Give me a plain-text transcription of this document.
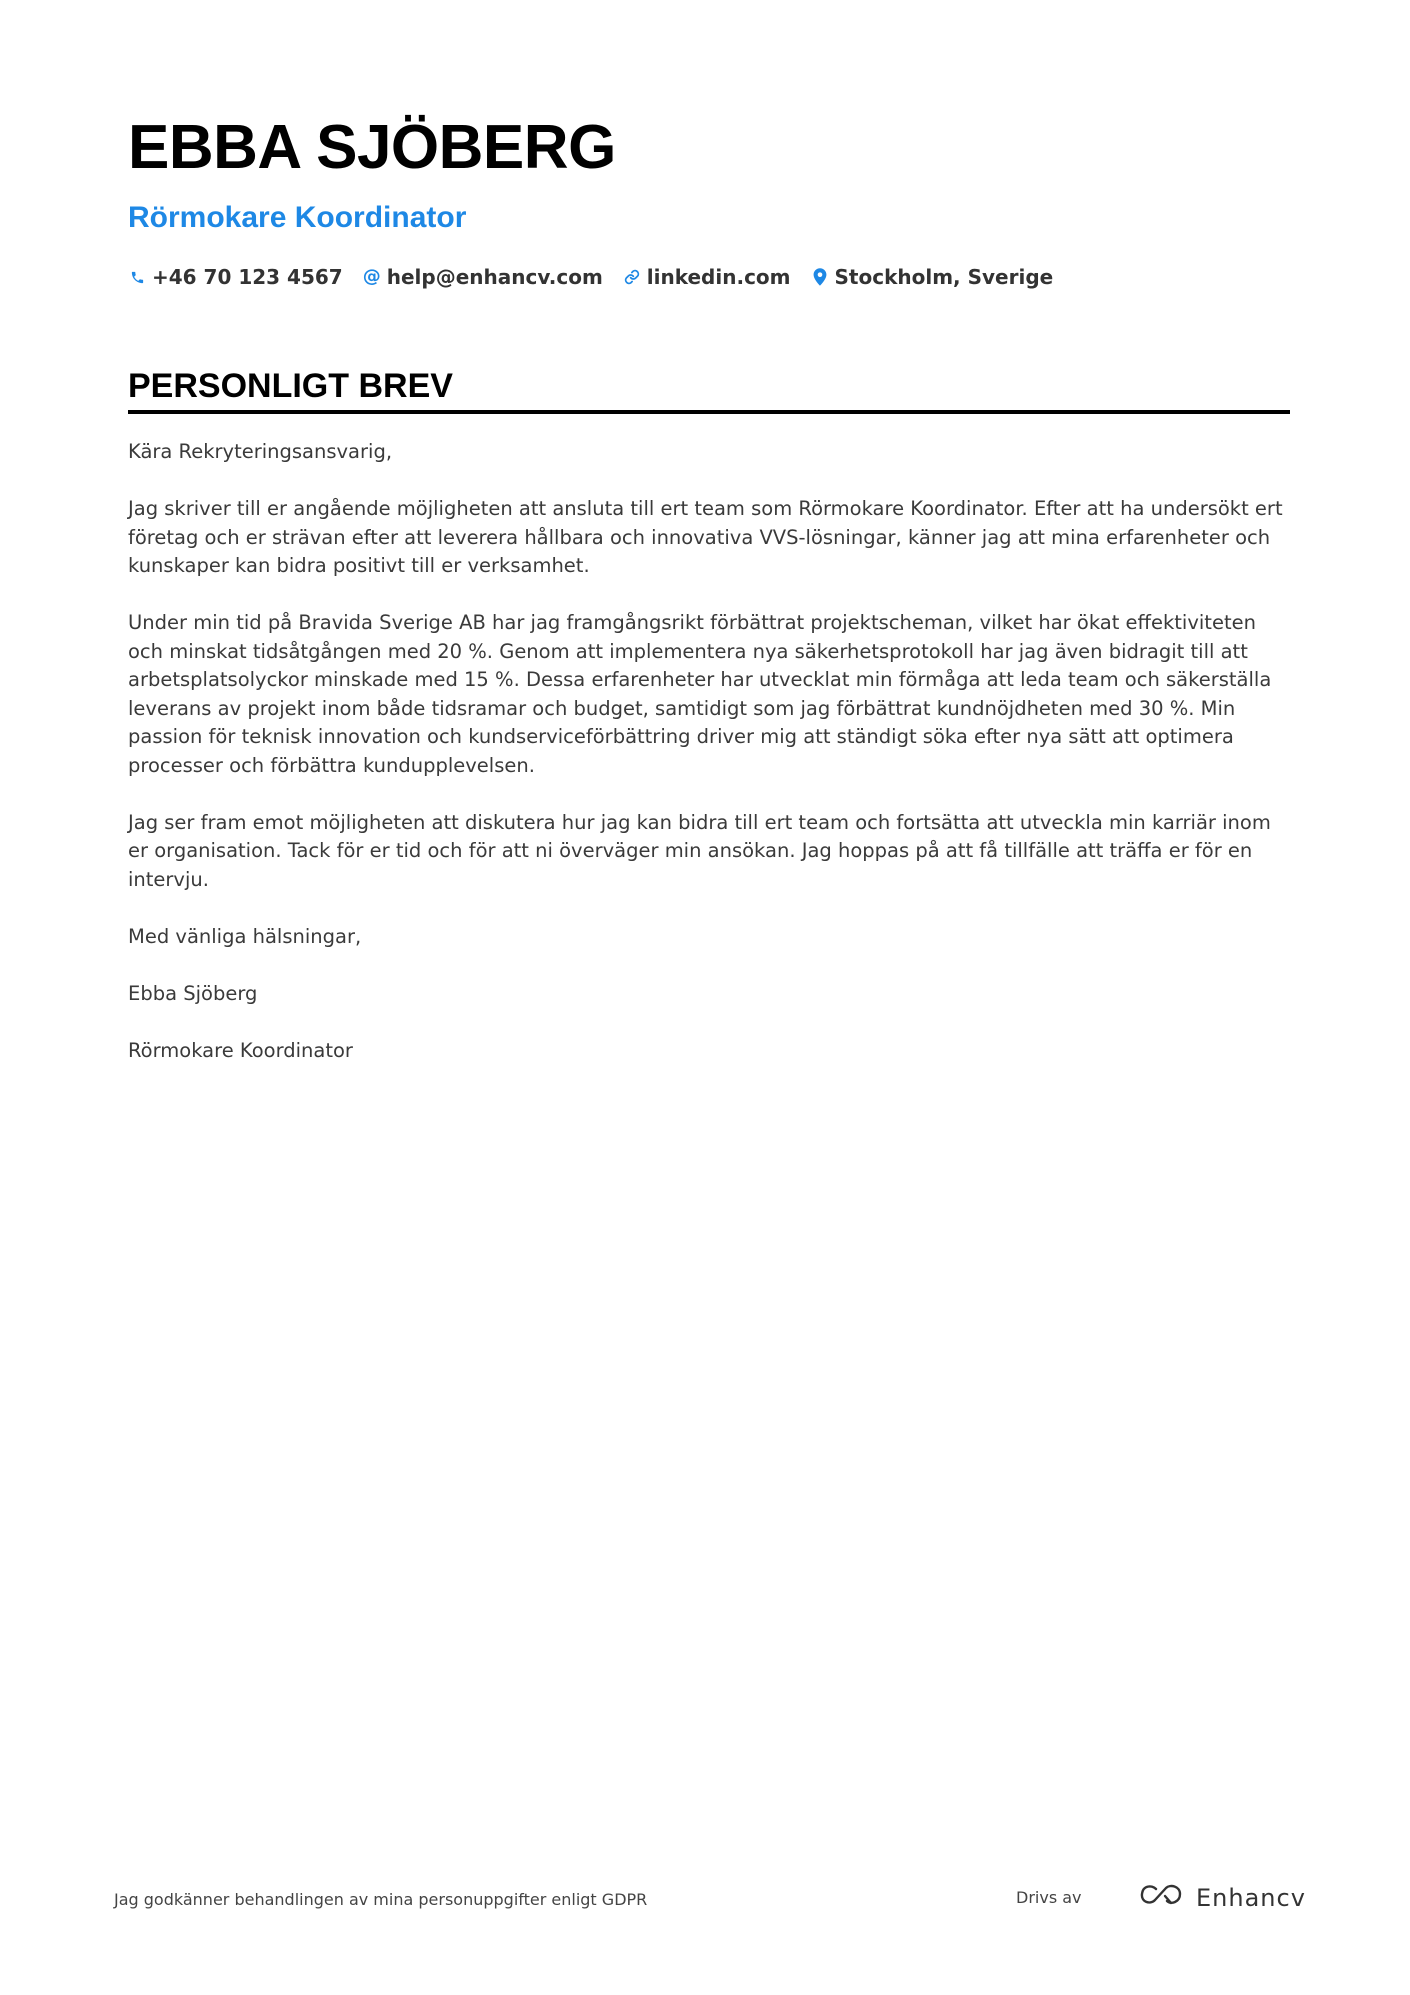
EBBA SJÖBERG
Rörmokare Koordinator
+46 70 123 4567 @ help@enhancv.com linkedin.com Stockholm, Sverige
PERSONLIGT BREV

Kära Rekryteringsansvarig,

Jag skriver till er angående möjligheten att ansluta till ert team som Rörmokare Koordinator. Efter att ha undersökt ert företag och er strävan efter att leverera hållbara och innovativa VVS-lösningar, känner jag att mina erfarenheter och kunskaper kan bidra positivt till er verksamhet.

Under min tid på Bravida Sverige AB har jag framgångsrikt förbättrat projektscheman, vilket har ökat effektiviteten och minskat tidsåtgången med 20 %. Genom att implementera nya säkerhetsprotokoll har jag även bidragit till att arbetsplatsolyckor minskade med 15 %. Dessa erfarenheter har utvecklat min förmåga att leda team och säkerställa leverans av projekt inom både tidsramar och budget, samtidigt som jag förbättrat kundnöjdheten med 30 %. Min passion för teknisk innovation och kundserviceförbättring driver mig att ständigt söka efter nya sätt att optimera processer och förbättra kundupplevelsen.

Jag ser fram emot möjligheten att diskutera hur jag kan bidra till ert team och fortsätta att utveckla min karriär inom er organisation. Tack för er tid och för att ni överväger min ansökan. Jag hoppas på att få tillfälle att träffa er för en intervju.

Med vänliga hälsningar,

Ebba Sjöberg

Rörmokare Koordinator

Jag godkänner behandlingen av mina personuppgifter enligt GDPR	Drivs av	Enhancv
